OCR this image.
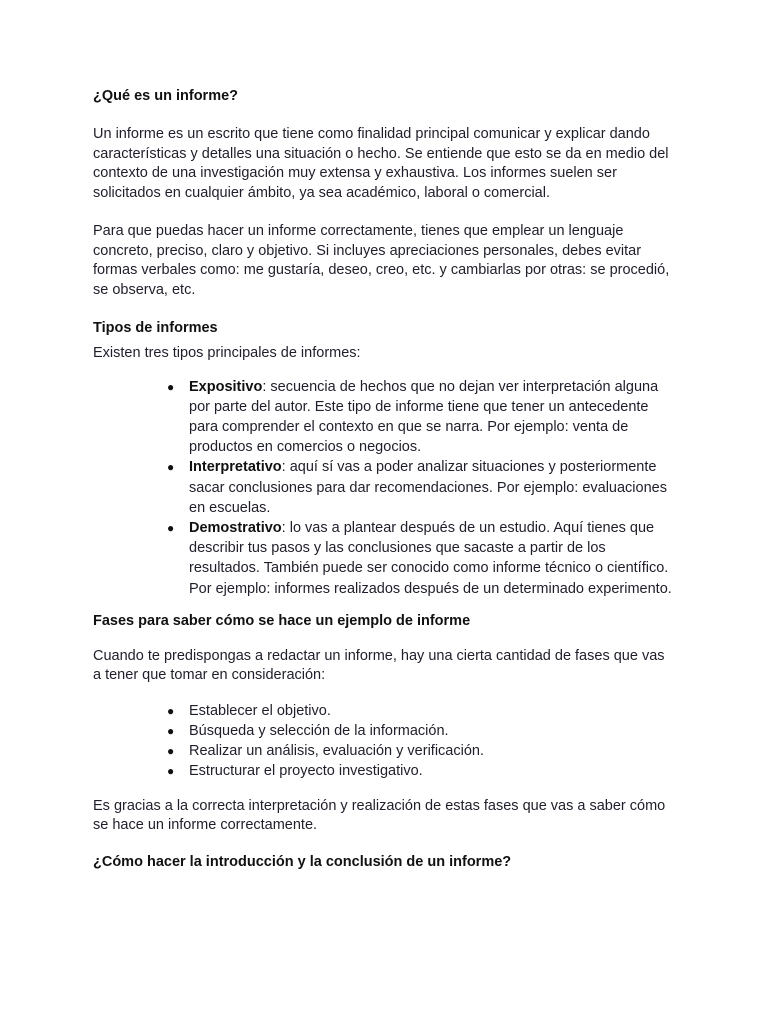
¿Qué es un informe?

Un informe es un escrito que tiene como finalidad principal comunicar y explicar dando características y detalles una situación o hecho. Se entiende que esto se da en medio del contexto de una investigación muy extensa y exhaustiva. Los informes suelen ser solicitados en cualquier ámbito, ya sea académico, laboral o comercial.

Para que puedas hacer un informe correctamente, tienes que emplear un lenguaje concreto, preciso, claro y objetivo. Si incluyes apreciaciones personales, debes evitar formas verbales como: me gustaría, deseo, creo, etc. y cambiarlas por otras: se procedió, se observa, etc.

Tipos de informes

Existen tres tipos principales de informes:

● Expositivo: secuencia de hechos que no dejan ver interpretación alguna por parte del autor. Este tipo de informe tiene que tener un antecedente para comprender el contexto en que se narra. Por ejemplo: venta de productos en comercios o negocios.
● Interpretativo: aquí sí vas a poder analizar situaciones y posteriormente sacar conclusiones para dar recomendaciones. Por ejemplo: evaluaciones en escuelas.
● Demostrativo: lo vas a plantear después de un estudio. Aquí tienes que describir tus pasos y las conclusiones que sacaste a partir de los resultados. También puede ser conocido como informe técnico o científico. Por ejemplo: informes realizados después de un determinado experimento.

Fases para saber cómo se hace un ejemplo de informe

Cuando te predispongas a redactar un informe, hay una cierta cantidad de fases que vas a tener que tomar en consideración:

● Establecer el objetivo.
● Búsqueda y selección de la información.
● Realizar un análisis, evaluación y verificación.
● Estructurar el proyecto investigativo.

Es gracias a la correcta interpretación y realización de estas fases que vas a saber cómo se hace un informe correctamente.

¿Cómo hacer la introducción y la conclusión de un informe?
